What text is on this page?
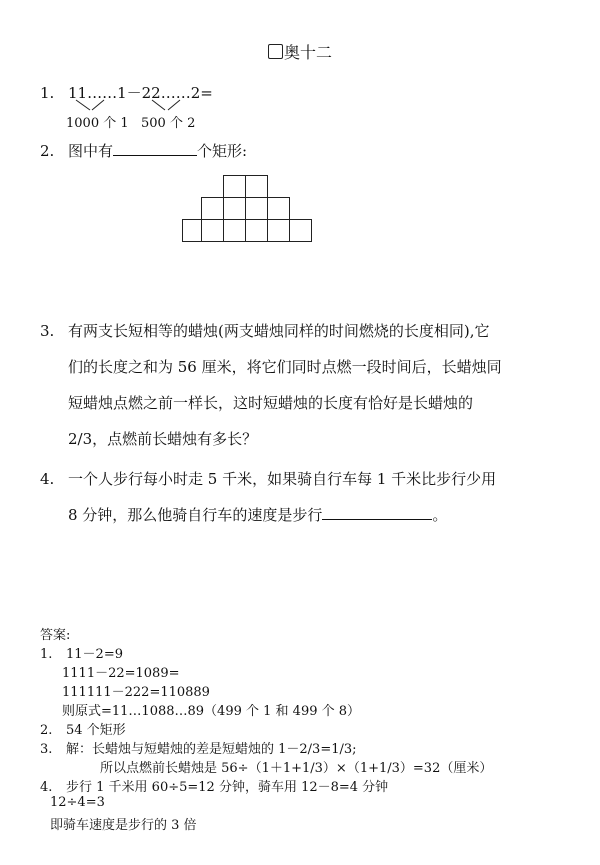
奥十二
1. 11……1－22……2=
1000 个 1 500 个 2
2. 图中有	个矩形:
3. 有两支长短相等的蜡烛(两支蜡烛同样的时间燃烧的长度相同),它
们的长度之和为 56 厘米，将它们同时点燃一段时间后，长蜡烛同
短蜡烛点燃之前一样长，这时短蜡烛的长度有恰好是长蜡烛的
2/3，点燃前长蜡烛有多长？
4. 一个人步行每小时走 5 千米，如果骑自行车每 1 千米比步行少用
8 分钟，那么他骑自行车的速度是步行	。
答案:
1. 11－2=9
1111－22=1089=
111111－222=110889
则原式=11…1088…89（499 个 1 和 499 个 8）
2. 54 个矩形
3. 解：长蜡烛与短蜡烛的差是短蜡烛的 1－2/3=1/3;
所以点燃前长蜡烛是 56÷（1＋1+1/3）×（1+1/3）=32（厘米）
4. 步行 1 千米用 60÷5=12 分钟，骑车用 12－8=4 分钟
12÷4=3
即骑车速度是步行的 3 倍
